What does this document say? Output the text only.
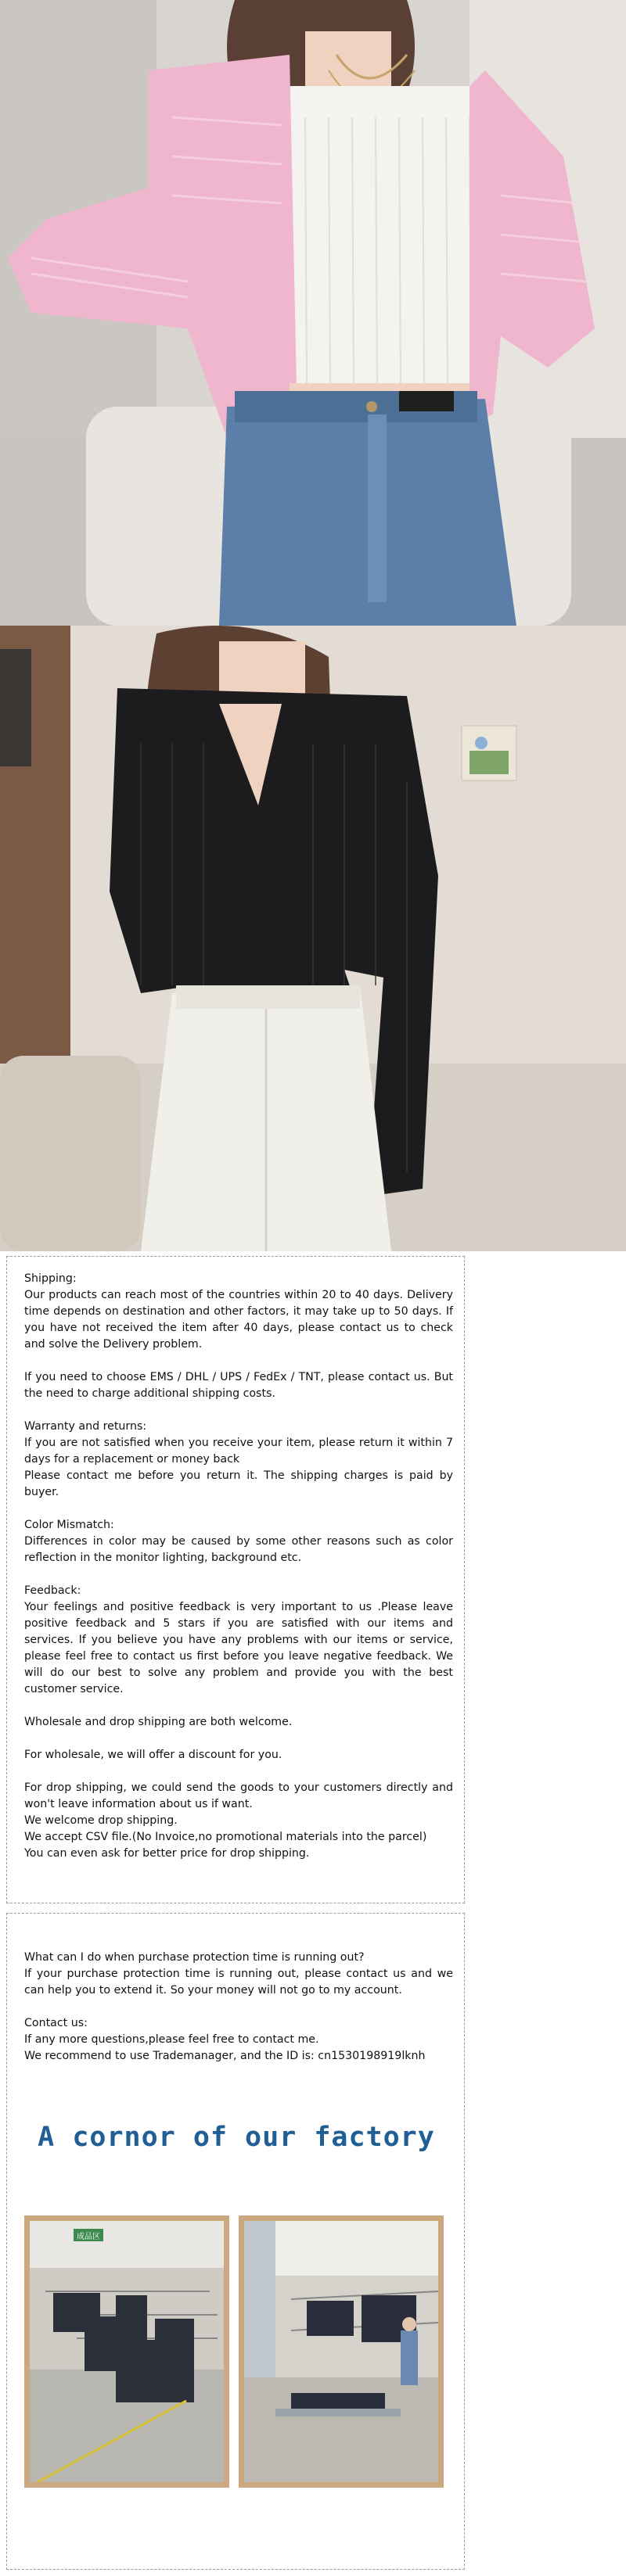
Shipping:
Our products can reach most of the countries within 20 to 40 days. Delivery time depends on destination and other factors, it may take up to 50 days. If you have not received the item after 40 days, please contact us to check and solve the Delivery problem.
If you need to choose EMS / DHL / UPS / FedEx / TNT, please contact us. But the need to charge additional shipping costs.
Warranty and returns:
If you are not satisfied when you receive your item, please return it within 7 days for a replacement or money back
Please contact me before you return it. The shipping charges is paid by buyer.
Color Mismatch:
Differences in color may be caused by some other reasons such as color reflection in the monitor lighting, background etc.
Feedback:
Your feelings and positive feedback is very important to us .Please leave positive feedback and 5 stars if you are satisfied with our items and services. If you believe you have any problems with our items or service, please feel free to contact us first before you leave negative feedback. We will do our best to solve any problem and provide you with the best customer service.
Wholesale and drop shipping are both welcome.
For wholesale, we will offer a discount for you.
For drop shipping, we could send the goods to your customers directly and won't leave information about us if want.
We welcome drop shipping.
We accept CSV file.(No Invoice,no promotional materials into the parcel)
You can even ask for better price for drop shipping.
What can I do when purchase protection time is running out?
If your purchase protection time is running out, please contact us and we can help you to extend it. So your money will not go to my account.
Contact us:
If any more questions,please feel free to contact me.
We recommend to use Trademanager, and the ID is: cn1530198919lknh
A cornor of our factory
成品区
